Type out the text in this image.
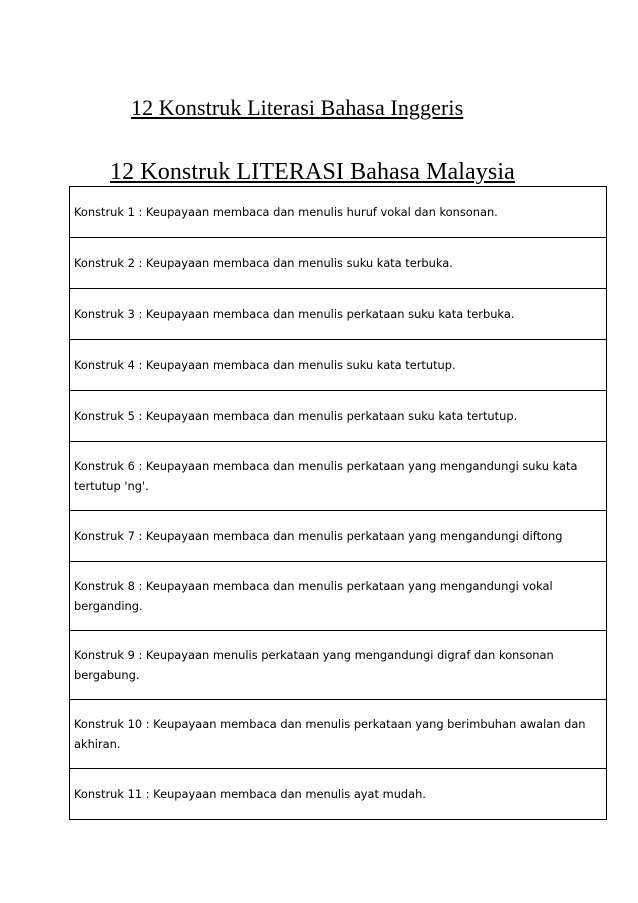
12 Konstruk Literasi Bahasa Inggeris
12 Konstruk LITERASI Bahasa Malaysia
Konstruk 1 : Keupayaan membaca dan menulis huruf vokal dan konsonan.
Konstruk 2 : Keupayaan membaca dan menulis suku kata terbuka.
Konstruk 3 : Keupayaan membaca dan menulis perkataan suku kata terbuka.
Konstruk 4 : Keupayaan membaca dan menulis suku kata tertutup.
Konstruk 5 : Keupayaan membaca dan menulis perkataan suku kata tertutup.
Konstruk 6 : Keupayaan membaca dan menulis perkataan yang mengandungi suku kata tertutup 'ng'.
Konstruk 7 : Keupayaan membaca dan menulis perkataan yang mengandungi diftong
Konstruk 8 : Keupayaan membaca dan menulis perkataan yang mengandungi vokal berganding.
Konstruk 9 : Keupayaan menulis perkataan yang mengandungi digraf dan konsonan bergabung.
Konstruk 10 : Keupayaan membaca dan menulis perkataan yang berimbuhan awalan dan akhiran.
Konstruk 11 : Keupayaan membaca dan menulis ayat mudah.
